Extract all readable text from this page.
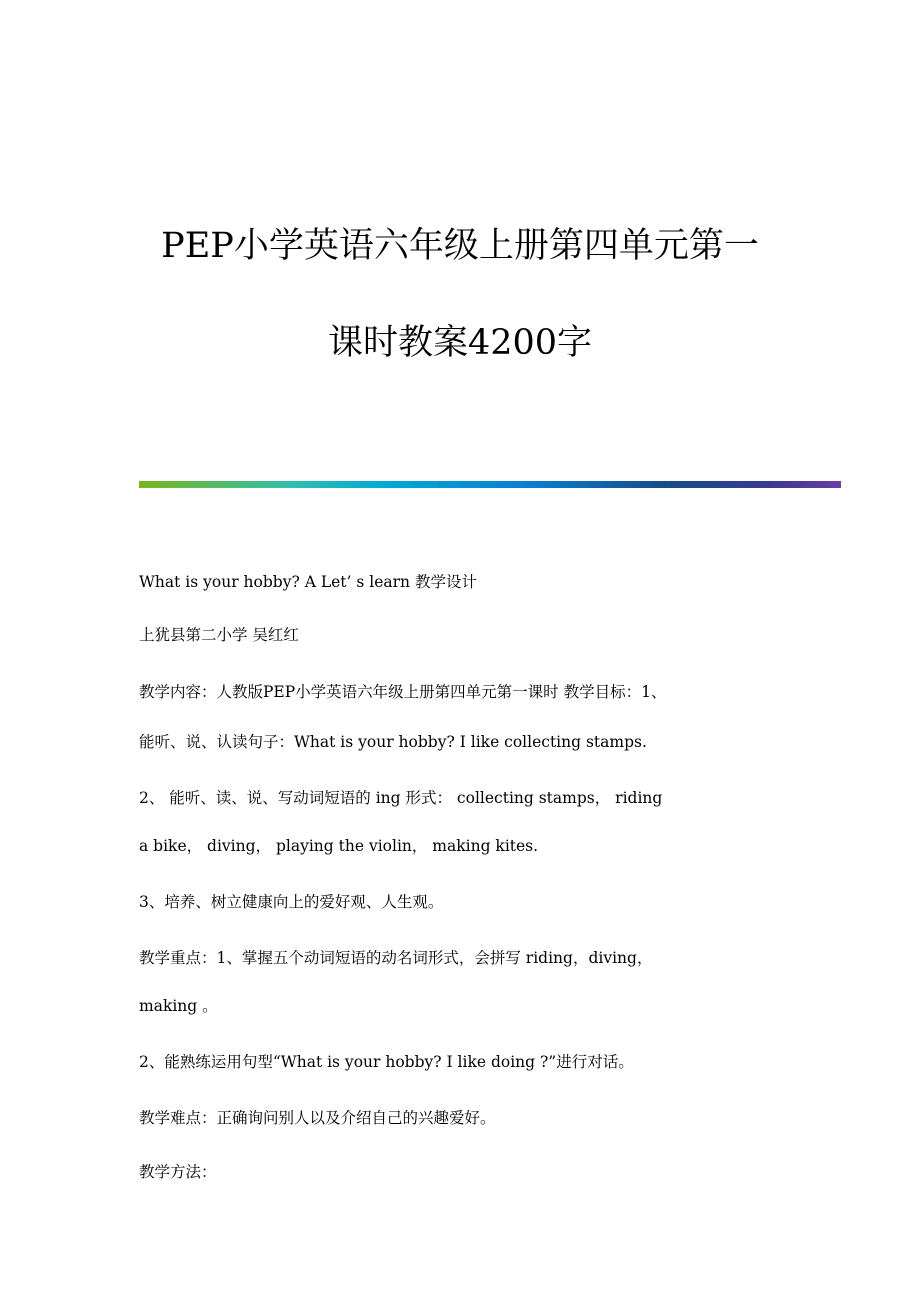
PEP小学英语六年级上册第四单元第一
课时教案4200字
What is your hobby? A Let’ s learn 教学设计
上犹县第二小学 吴红红
教学内容：人教版PEP小学英语六年级上册第四单元第一课时 教学目标：1、
能听、说、认读句子：What is your hobby? I like collecting stamps.
2、 能听、读、说、写动词短语的 ing 形式： collecting stamps， riding
a bike， diving， playing the violin， making kites.
3、培养、树立健康向上的爱好观、人生观。
教学重点：1、掌握五个动词短语的动名词形式，会拼写 riding，diving，
making 。
2、能熟练运用句型“What is your hobby? I like doing ?”进行对话。
教学难点：正确询问别人以及介绍自己的兴趣爱好。
教学方法：
